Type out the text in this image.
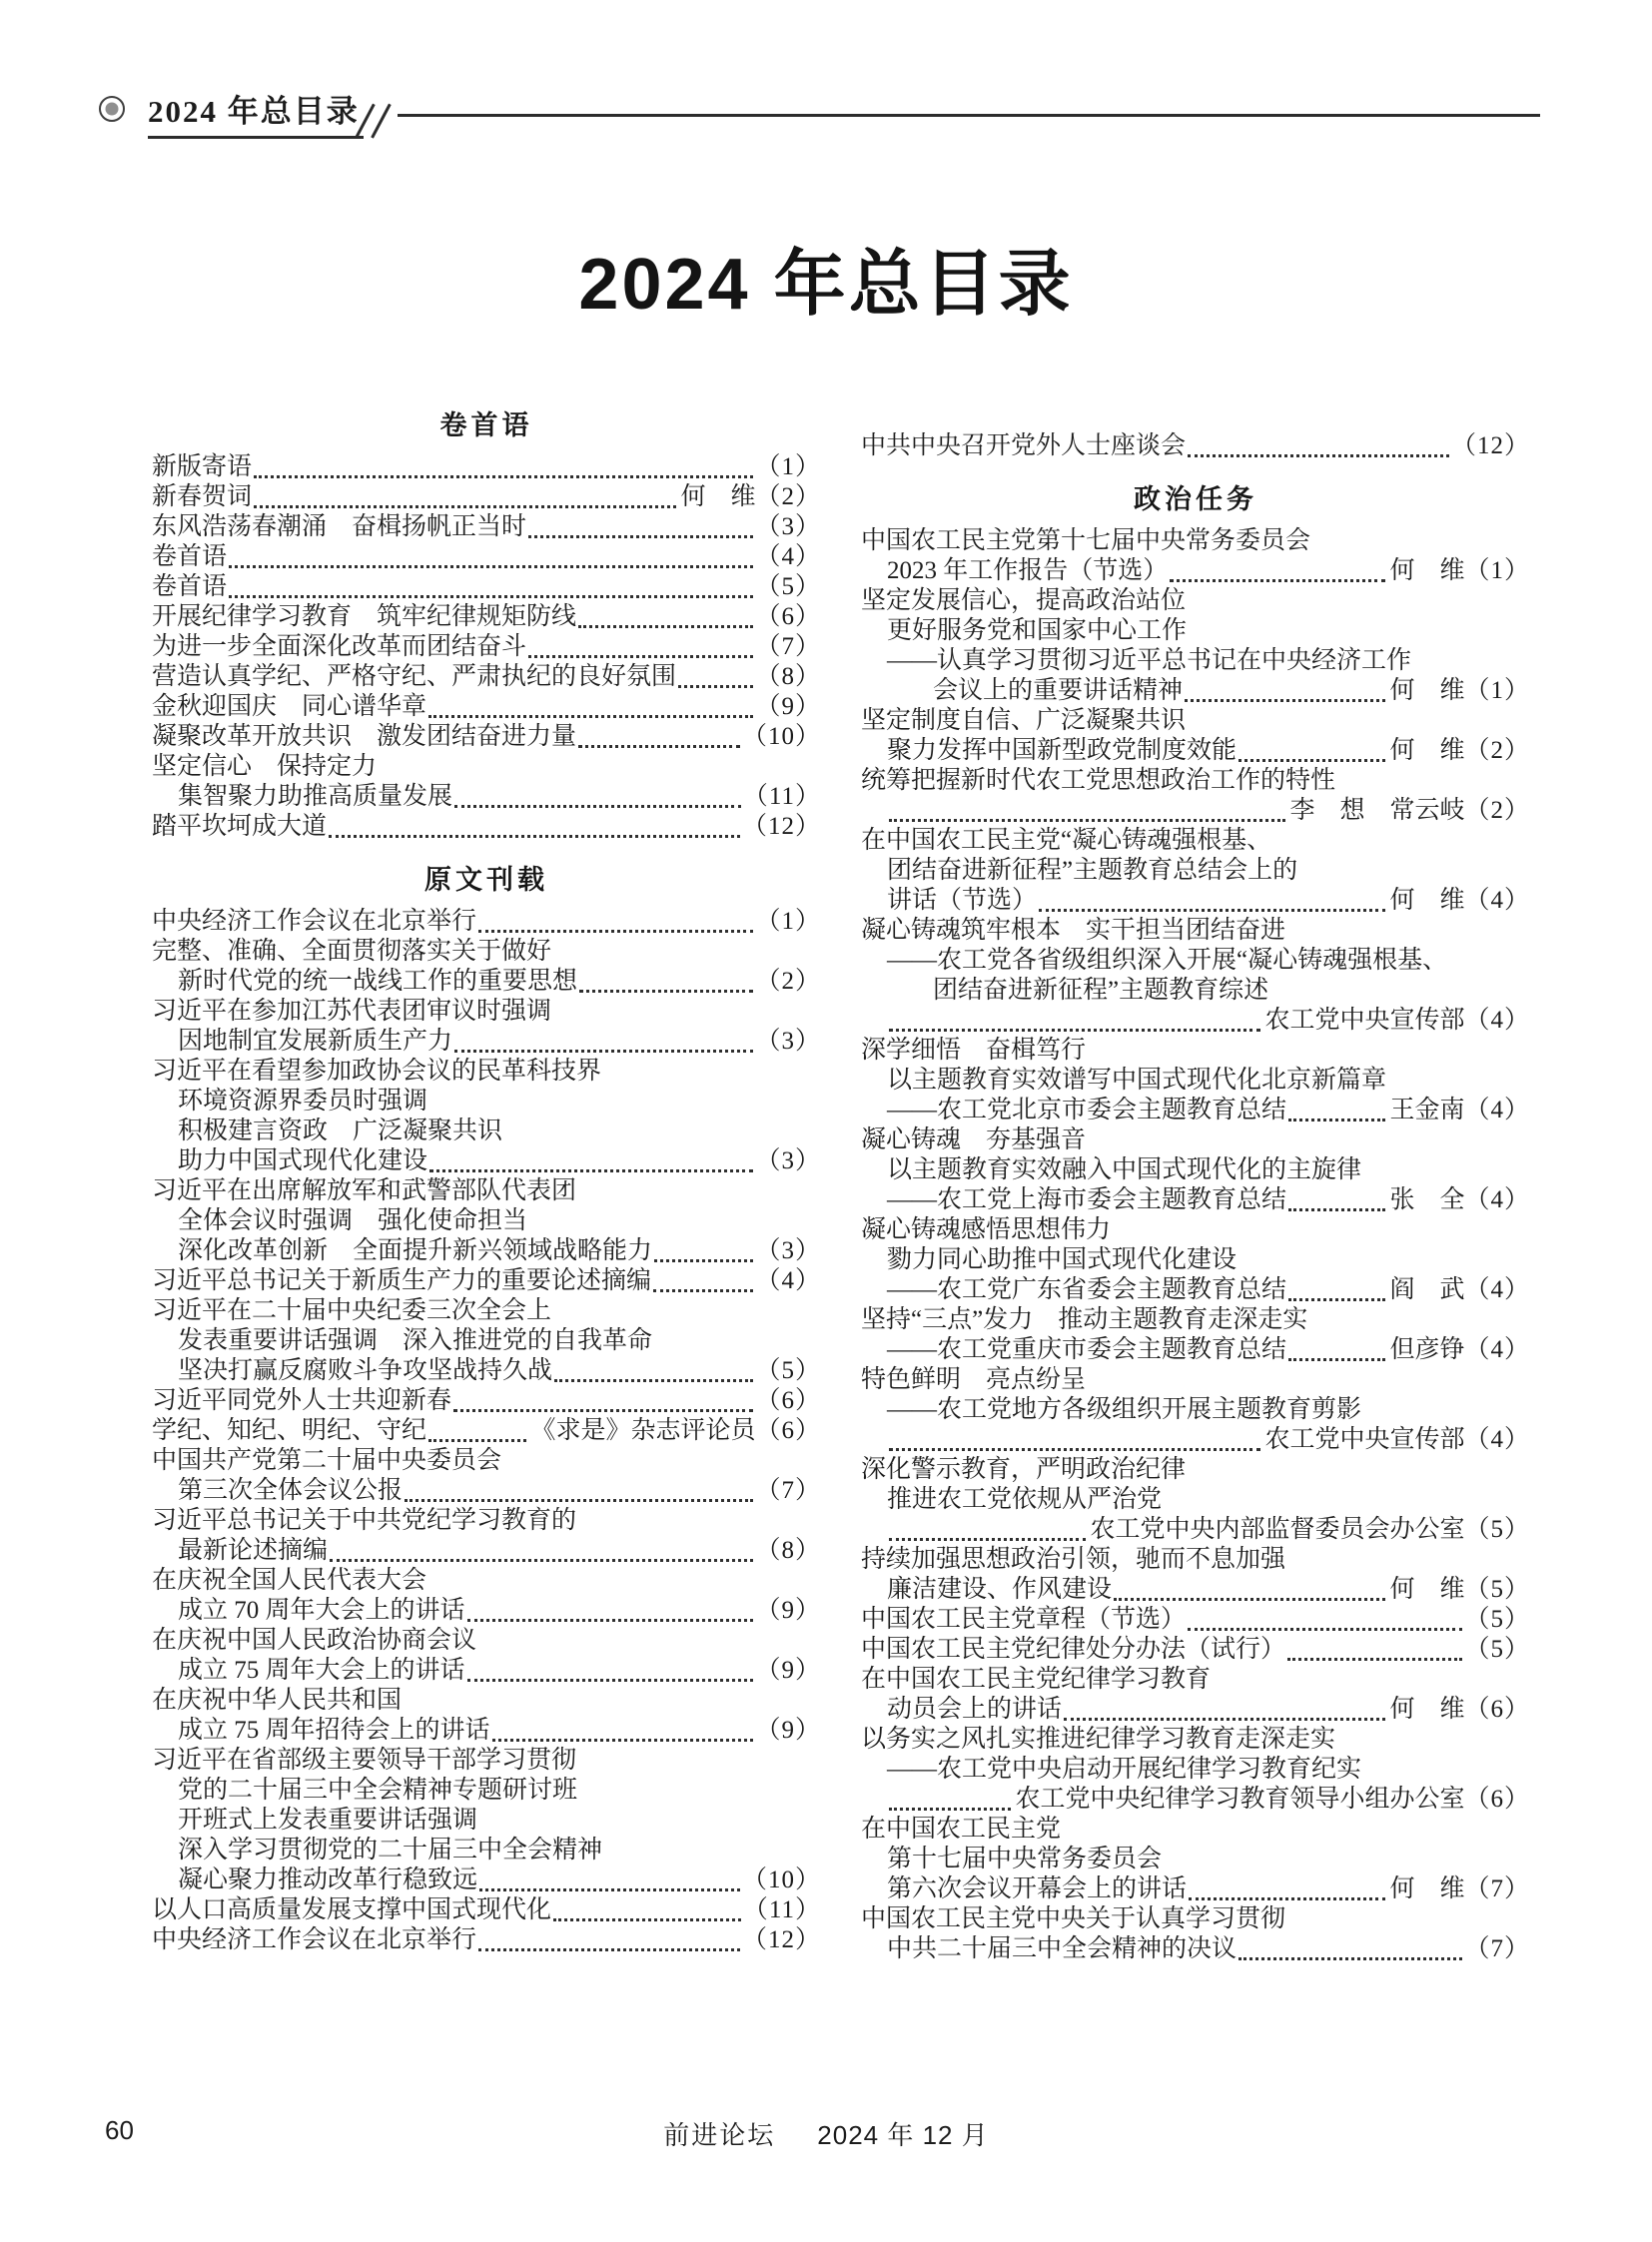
2024 年总目录
2024 年总目录
卷首语
新版寄语	（1）
新春贺词	何　维 （2）
东风浩荡春潮涌　奋楫扬帆正当时	（3）
卷首语	（4）
卷首语	（5）
开展纪律学习教育　筑牢纪律规矩防线	（6）
为进一步全面深化改革而团结奋斗	（7）
营造认真学纪、严格守纪、严肃执纪的良好氛围	（8）
金秋迎国庆　同心谱华章	（9）
凝聚改革开放共识　激发团结奋进力量	（10）
坚定信心　保持定力
集智聚力助推高质量发展	（11）
踏平坎坷成大道	（12）
原文刊载
中央经济工作会议在北京举行	（1）
完整、准确、全面贯彻落实关于做好
新时代党的统一战线工作的重要思想	（2）
习近平在参加江苏代表团审议时强调
因地制宜发展新质生产力	（3）
习近平在看望参加政协会议的民革科技界
环境资源界委员时强调
积极建言资政　广泛凝聚共识
助力中国式现代化建设	（3）
习近平在出席解放军和武警部队代表团
全体会议时强调　强化使命担当
深化改革创新　全面提升新兴领域战略能力	（3）
习近平总书记关于新质生产力的重要论述摘编	（4）
习近平在二十届中央纪委三次全会上
发表重要讲话强调　深入推进党的自我革命
坚决打赢反腐败斗争攻坚战持久战	（5）
习近平同党外人士共迎新春	（6）
学纪、知纪、明纪、守纪	《求是》杂志评论员 （6）
中国共产党第二十届中央委员会
第三次全体会议公报	（7）
习近平总书记关于中共党纪学习教育的
最新论述摘编	（8）
在庆祝全国人民代表大会
成立 70 周年大会上的讲话	（9）
在庆祝中国人民政治协商会议
成立 75 周年大会上的讲话	（9）
在庆祝中华人民共和国
成立 75 周年招待会上的讲话	（9）
习近平在省部级主要领导干部学习贯彻
党的二十届三中全会精神专题研讨班
开班式上发表重要讲话强调
深入学习贯彻党的二十届三中全会精神
凝心聚力推动改革行稳致远	（10）
以人口高质量发展支撑中国式现代化	（11）
中央经济工作会议在北京举行	（12）
中共中央召开党外人士座谈会	（12）
政治任务
中国农工民主党第十七届中央常务委员会
2023 年工作报告（节选）	何　维 （1）
坚定发展信心，提高政治站位
更好服务党和国家中心工作
——认真学习贯彻习近平总书记在中央经济工作
会议上的重要讲话精神	何　维 （1）
坚定制度自信、广泛凝聚共识
聚力发挥中国新型政党制度效能	何　维 （2）
统筹把握新时代农工党思想政治工作的特性
李　想　常云岐 （2）
在中国农工民主党“凝心铸魂强根基、
团结奋进新征程”主题教育总结会上的
讲话（节选）	何　维 （4）
凝心铸魂筑牢根本　实干担当团结奋进
——农工党各省级组织深入开展“凝心铸魂强根基、
团结奋进新征程”主题教育综述
农工党中央宣传部 （4）
深学细悟　奋楫笃行
以主题教育实效谱写中国式现代化北京新篇章
——农工党北京市委会主题教育总结	王金南 （4）
凝心铸魂　夯基强音
以主题教育实效融入中国式现代化的主旋律
——农工党上海市委会主题教育总结	张　全 （4）
凝心铸魂感悟思想伟力
勠力同心助推中国式现代化建设
——农工党广东省委会主题教育总结	阎　武 （4）
坚持“三点”发力　推动主题教育走深走实
——农工党重庆市委会主题教育总结	但彦铮 （4）
特色鲜明　亮点纷呈
——农工党地方各级组织开展主题教育剪影
农工党中央宣传部 （4）
深化警示教育，严明政治纪律
推进农工党依规从严治党
农工党中央内部监督委员会办公室 （5）
持续加强思想政治引领，驰而不息加强
廉洁建设、作风建设	何　维 （5）
中国农工民主党章程（节选）	（5）
中国农工民主党纪律处分办法（试行）	（5）
在中国农工民主党纪律学习教育
动员会上的讲话	何　维 （6）
以务实之风扎实推进纪律学习教育走深走实
——农工党中央启动开展纪律学习教育纪实
农工党中央纪律学习教育领导小组办公室 （6）
在中国农工民主党
第十七届中央常务委员会
第六次会议开幕会上的讲话	何　维 （7）
中国农工民主党中央关于认真学习贯彻
中共二十届三中全会精神的决议	（7）
60	前进论坛 2024 年 12 月
